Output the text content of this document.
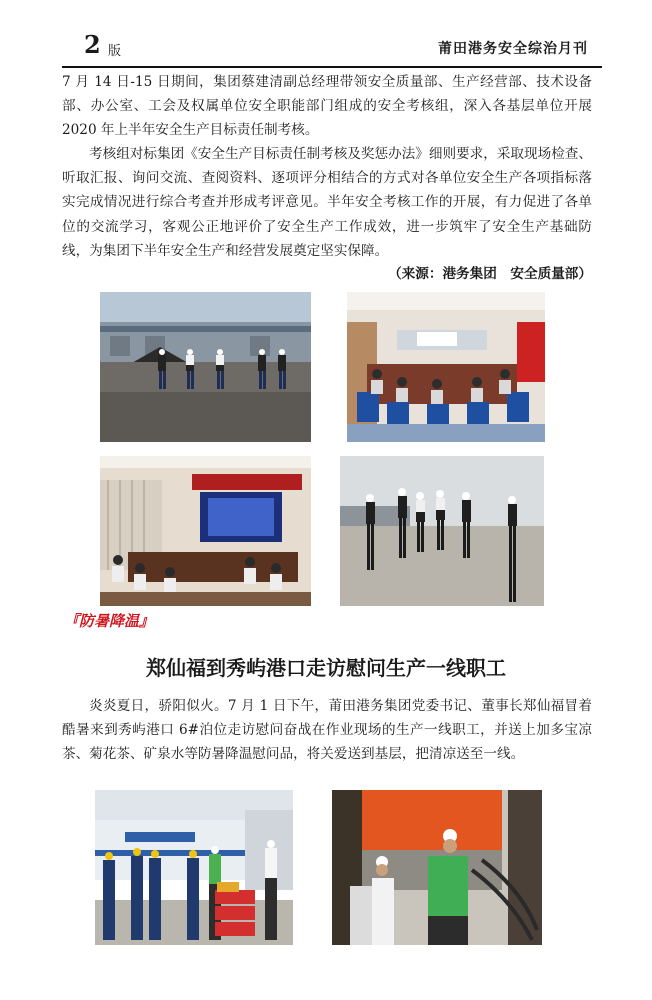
2 版	莆田港务安全综治月刊

7 月 14 日-15 日期间，集团蔡建清副总经理带领安全质量部、生产经营部、技术设备部、办公室、工会及权属单位安全职能部门组成的安全考核组，深入各基层单位开展 2020 年上半年安全生产目标责任制考核。

考核组对标集团《安全生产目标责任制考核及奖惩办法》细则要求，采取现场检查、听取汇报、询问交流、查阅资料、逐项评分相结合的方式对各单位安全生产各项指标落实完成情况进行综合考查并形成考评意见。半年安全考核工作的开展，有力促进了各单位的交流学习，客观公正地评价了安全生产工作成效，进一步筑牢了安全生产基础防线，为集团下半年安全生产和经营发展奠定坚实保障。

（来源：港务集团　安全质量部）
『防暑降温』
郑仙福到秀屿港口走访慰问生产一线职工

炎炎夏日，骄阳似火。7 月 1 日下午，莆田港务集团党委书记、董事长郑仙福冒着酷暑来到秀屿港口 6#泊位走访慰问奋战在作业现场的生产一线职工，并送上加多宝凉茶、菊花茶、矿泉水等防暑降温慰问品，将关爱送到基层，把清凉送至一线。
